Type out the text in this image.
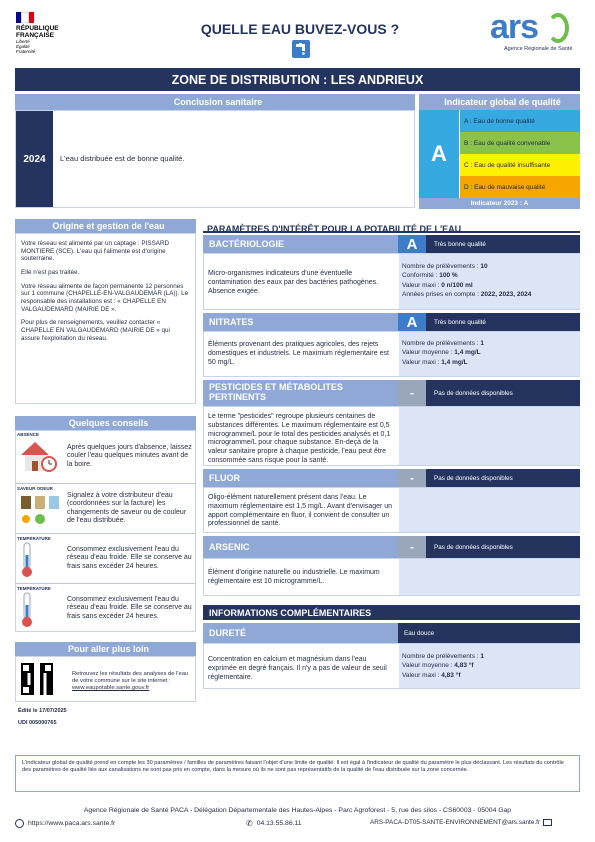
RÉPUBLIQUE
FRANÇAISE
Liberté
Égalité
Fraternité
QUELLE EAU BUVEZ-VOUS ?	ars
Agence Régionale de Santé
ZONE DE DISTRIBUTION : LES ANDRIEUX
Conclusion sanitaire
2024 L'eau distribuée est de bonne qualité.
Indicateur global de qualité
A
A : Eau de bonne qualité
B : Eau de qualité convenable
C : Eau de qualité insuffisante
D : Eau de mauvaise qualité
Indicateur 2023 : A
Origine et gestion de l'eau

Votre réseau est alimenté par un captage : PISSARD MONTIERE (SCE). L'eau qui l'alimente est d'origine souterraine.

Elle n'est pas traitée.

Votre réseau alimente de façon permanente 12 personnes sur 1 commune (CHAPELLE-EN-VALGAUDEMAR (LA)). Le responsable des installations est : « CHAPELLE EN VALGAUDEMARD (MAIRIE DE ».

Pour plus de renseignements, veuillez contacter « CHAPELLE EN VALGAUDEMARD (MAIRIE DE » qui assure l'exploitation du réseau.

Quelques conseils
ABSENCE
Après quelques jours d'absence, laissez couler l'eau quelques minutes avant de la boire.
SAVEUR ODEUR
Signalez à votre distributeur d'eau (coordonnées sur la facture) les changements de saveur ou de couleur de l'eau distribuée.
TEMPÉRATURE
Consommez exclusivement l'eau du réseau d'eau froide. Elle se conserve au frais sans excéder 24 heures.
TEMPÉRATURE
Consommez exclusivement l'eau du réseau d'eau froide. Elle se conserve au frais sans excéder 24 heures.
Pour aller plus loin
Retrouvez les résultats des analyses de l'eau de votre commune sur le site internet : www.eaupotable.sante.gouv.fr
Édité le 17/07/2025
UDI 005000765
PARAMÈTRES D'INTÉRÊT POUR LA POTABILITÉ DE L'EAU
BACTÉRIOLOGIE	A	Très bonne qualité
Micro-organismes indicateurs d'une éventuelle contamination des eaux par des bactéries pathogènes. Absence exigée.
Nombre de prélèvements : 10
Conformité : 100 %
Valeur maxi : 0 n/100 ml
Années prises en compte : 2022, 2023, 2024
NITRATES	A	Très bonne qualité
Éléments provenant des pratiques agricoles, des rejets domestiques et industriels. Le maximum réglementaire est 50 mg/L.
Nombre de prélèvements : 1
Valeur moyenne : 1,4 mg/L
Valeur maxi : 1,4 mg/L
PESTICIDES ET MÉTABOLITES PERTINENTS	-	Pas de données disponibles
Le terme "pesticides" regroupe plusieurs centaines de substances différentes. Le maximum réglementaire est 0,5 microgramme/L pour le total des pesticides analysés et 0,1 microgramme/L pour chaque substance. En-deçà de la valeur sanitaire propre à chaque pesticide, l'eau peut être consommée sans risque pour la santé.
FLUOR	-	Pas de données disponibles
Oligo-élément naturellement présent dans l'eau. Le maximum réglementaire est 1,5 mg/L. Avant d'envisager un apport complémentaire en fluor, il convient de consulter un professionnel de santé.
ARSENIC	-	Pas de données disponibles
Élément d'origine naturelle ou industrielle. Le maximum réglementaire est 10 microgramme/L.
INFORMATIONS COMPLÉMENTAIRES
DURETÉ	Eau douce
Concentration en calcium et magnésium dans l'eau exprimée en degré français. Il n'y a pas de valeur de seuil réglementaire.
Nombre de prélèvements : 1
Valeur moyenne : 4,83 °f
Valeur maxi : 4,83 °f

L'indicateur global de qualité prend en compte les 30 paramètres / familles de paramètres faisant l'objet d'une limite de qualité. Il est égal à l'indicateur de qualité du paramètre le plus déclassant. Les résultats du contrôle des paramètres de qualité liés aux canalisations ne sont pas pris en compte, dans la mesure où ils ne sont pas représentatifs de la qualité de l'eau distribuée sur la zone concernée.

Agence Régionale de Santé PACA - Délégation Départementale des Hautes-Alpes - Parc Agroforest - 5, rue des silos - CS60003 - 05004 Gap
https://www.paca.ars.sante.fr	✆ 04.13.55.86.11	ARS-PACA-DT05-SANTE-ENVIRONNEMENT@ars.sante.fr
